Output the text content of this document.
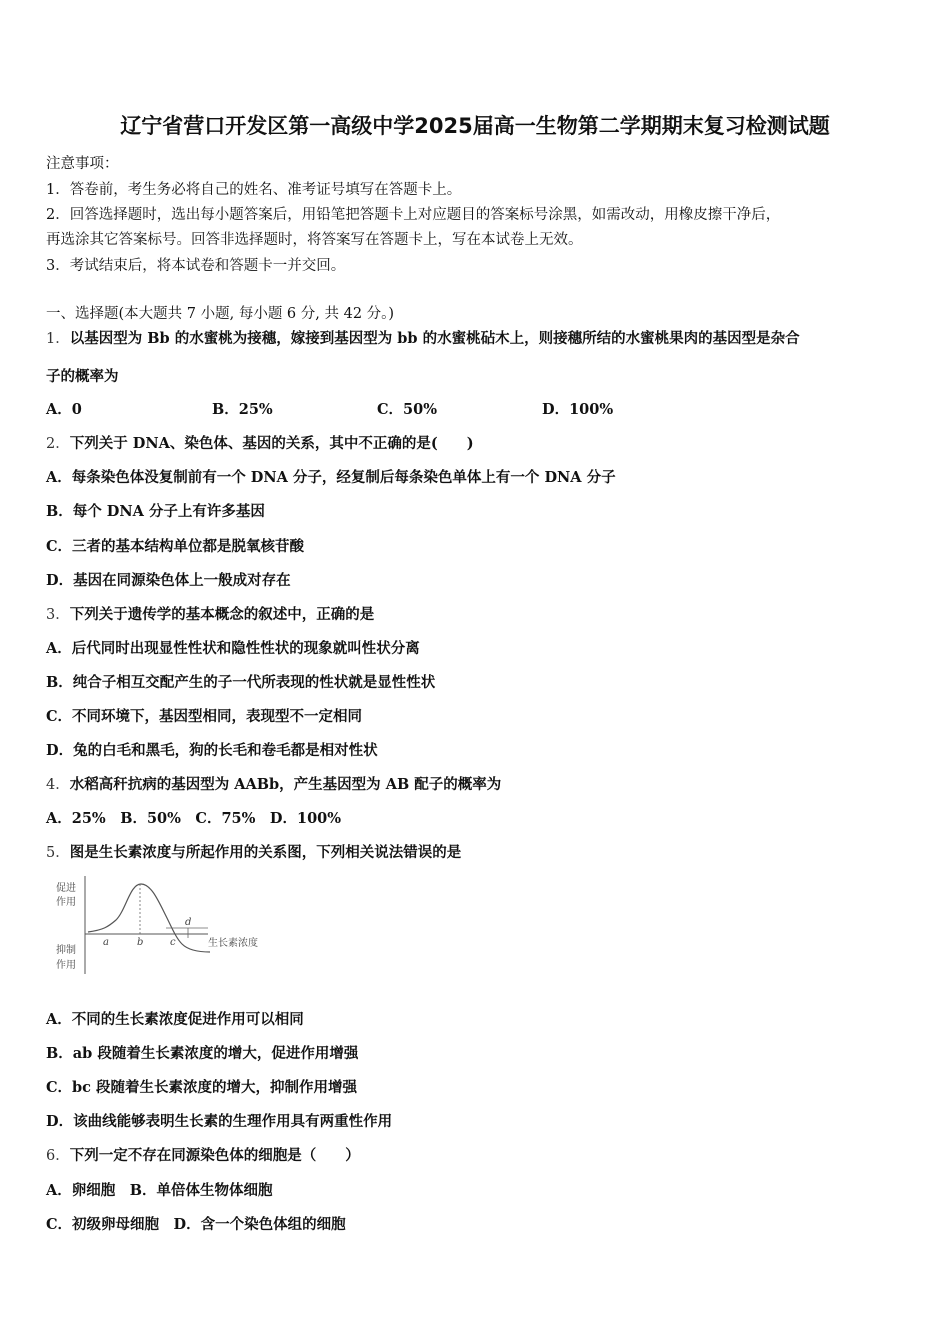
辽宁省营口开发区第一高级中学2025届高一生物第二学期期末复习检测试题
注意事项：
1．答卷前，考生务必将自己的姓名、准考证号填写在答题卡上。
2．回答选择题时，选出每小题答案后，用铅笔把答题卡上对应题目的答案标号涂黑，如需改动，用橡皮擦干净后，
再选涂其它答案标号。回答非选择题时，将答案写在答题卡上，写在本试卷上无效。
3．考试结束后，将本试卷和答题卡一并交回。
一、选择题(本大题共 7 小题, 每小题 6 分, 共 42 分。)
1．以基因型为 Bb 的水蜜桃为接穗，嫁接到基因型为 bb 的水蜜桃砧木上，则接穗所结的水蜜桃果肉的基因型是杂合
子的概率为
A．0	B．25%	C．50%	D．100%
2．下列关于 DNA、染色体、基因的关系，其中不正确的是(　　)
A．每条染色体没复制前有一个 DNA 分子，经复制后每条染色单体上有一个 DNA 分子
B．每个 DNA 分子上有许多基因
C．三者的基本结构单位都是脱氧核苷酸
D．基因在同源染色体上一般成对存在
3．下列关于遗传学的基本概念的叙述中，正确的是
A．后代同时出现显性性状和隐性性状的现象就叫性状分离
B．纯合子相互交配产生的子一代所表现的性状就是显性性状
C．不同环境下，基因型相同，表现型不一定相同
D．兔的白毛和黑毛，狗的长毛和卷毛都是相对性状
4．水稻高秆抗病的基因型为 AABb，产生基因型为 AB 配子的概率为
A．25%　B．50%　C．75%　D．100%
5．图是生长素浓度与所起作用的关系图，下列相关说法错误的是
促进
作用
抑制
作用
a	b	c
d
生长素浓度
A．不同的生长素浓度促进作用可以相同
B．ab 段随着生长素浓度的增大，促进作用增强
C．bc 段随着生长素浓度的增大，抑制作用增强
D．该曲线能够表明生长素的生理作用具有两重性作用
6．下列一定不存在同源染色体的细胞是（　　）
A．卵细胞　B．单倍体生物体细胞
C．初级卵母细胞　D．含一个染色体组的细胞
